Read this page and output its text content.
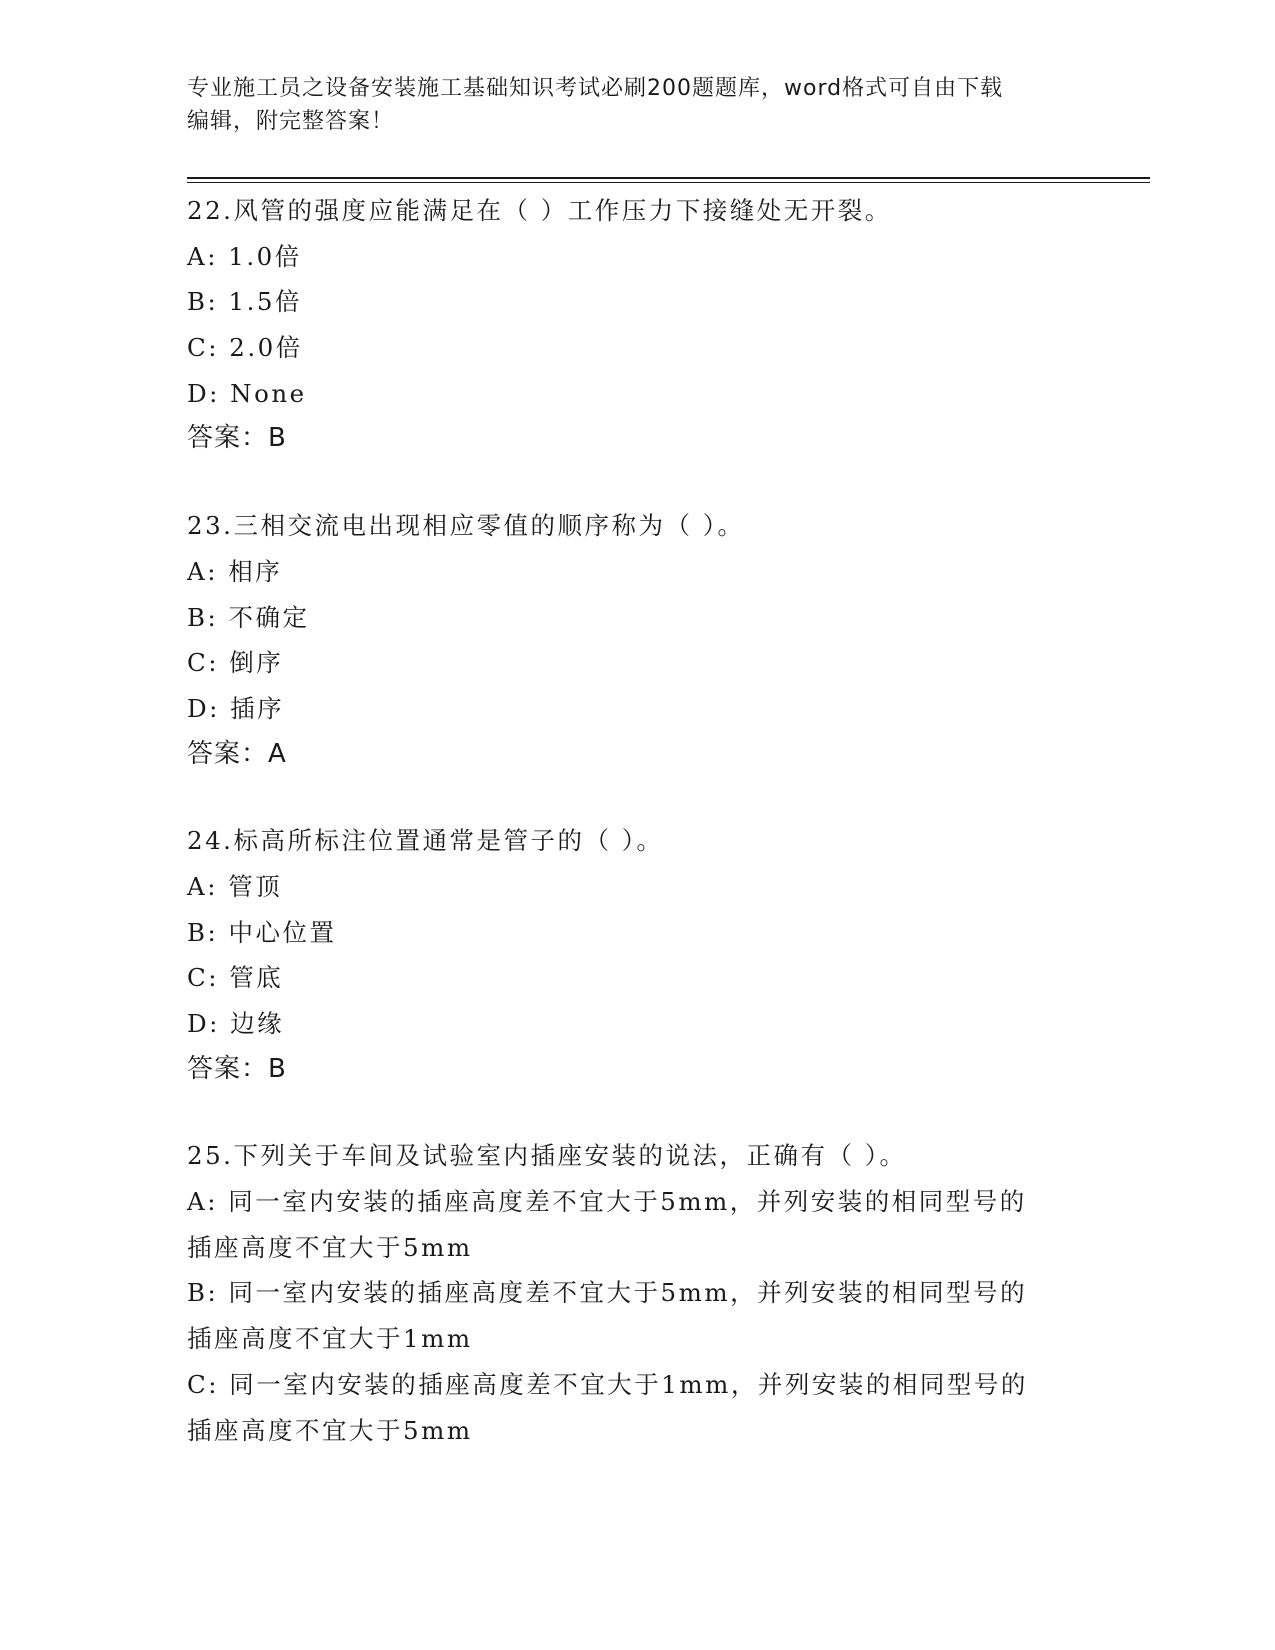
专业施工员之设备安装施工基础知识考试必刷200题题库，word格式可自由下载
编辑，附完整答案！
22.风管的强度应能满足在（ ）工作压力下接缝处无开裂。
A: 1.0倍
B: 1.5倍
C: 2.0倍
D: None
答案：B
23.三相交流电出现相应零值的顺序称为（ ）。
A: 相序
B: 不确定
C: 倒序
D: 插序
答案：A
24.标高所标注位置通常是管子的（ ）。
A: 管顶
B: 中心位置
C: 管底
D: 边缘
答案：B
25.下列关于车间及试验室内插座安装的说法，正确有（ ）。
A: 同一室内安装的插座高度差不宜大于5mm，并列安装的相同型号的
插座高度不宜大于5mm
B: 同一室内安装的插座高度差不宜大于5mm，并列安装的相同型号的
插座高度不宜大于1mm
C: 同一室内安装的插座高度差不宜大于1mm，并列安装的相同型号的
插座高度不宜大于5mm
